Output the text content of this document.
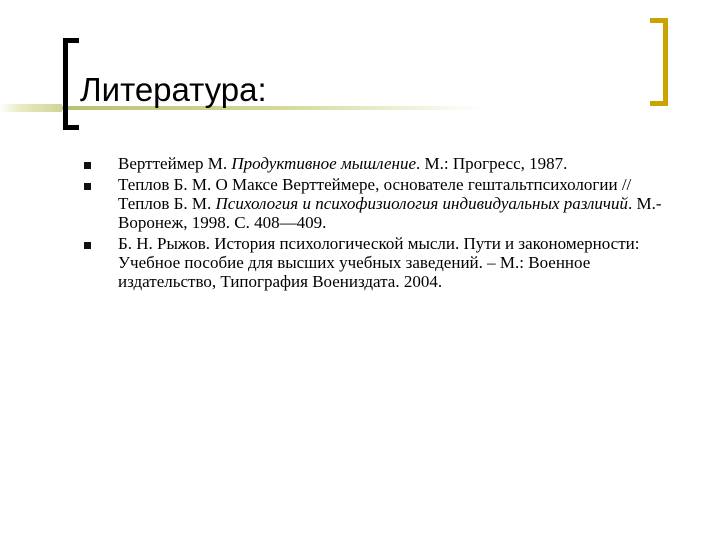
Литература:
Верттеймер М. Продуктивное мышление. М.: Прогресс, 1987.
Теплов Б. М. О Максе Верттеймере, основателе гештальтпсихологии // Теплов Б. М. Психология и психофизиология индивидуальных различий. М.-Воронеж, 1998. С. 408—409.
Б. Н. Рыжов. История психологической мысли. Пути и закономерности: Учебное пособие для высших учебных заведений. – М.: Военное издательство, Типография Воениздата. 2004.
